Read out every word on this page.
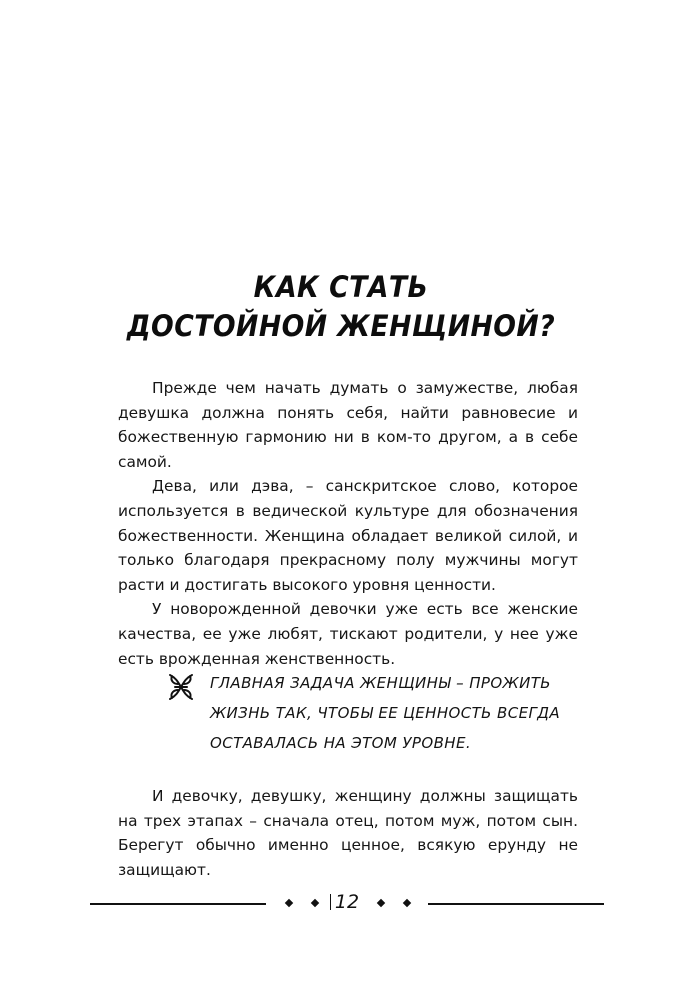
КАК СТАТЬ
ДОСТОЙНОЙ ЖЕНЩИНОЙ?

Прежде чем начать думать о замужестве, любая девушка должна понять себя, найти равновесие и божественную гармонию ни в ком-то другом, а в себе самой.

Дева, или дэва, – санскритское слово, которое используется в ведической культуре для обозначения божественности. Женщина обладает великой силой, и только благодаря прекрасному полу мужчины могут расти и достигать высокого уровня ценности.

У новорожденной девочки уже есть все женские качества, ее уже любят, тискают родители, у нее уже есть врожденная женственность.

ГЛАВНАЯ ЗАДАЧА ЖЕНЩИНЫ – ПРОЖИТЬ ЖИЗНЬ ТАК, ЧТОБЫ ЕЕ ЦЕННОСТЬ ВСЕГДА ОСТАВАЛАСЬ НА ЭТОМ УРОВНЕ.

И девочку, девушку, женщину должны защищать на трех этапах – сначала отец, потом муж, потом сын. Берегут обычно именно ценное, всякую ерунду не защищают.

12
